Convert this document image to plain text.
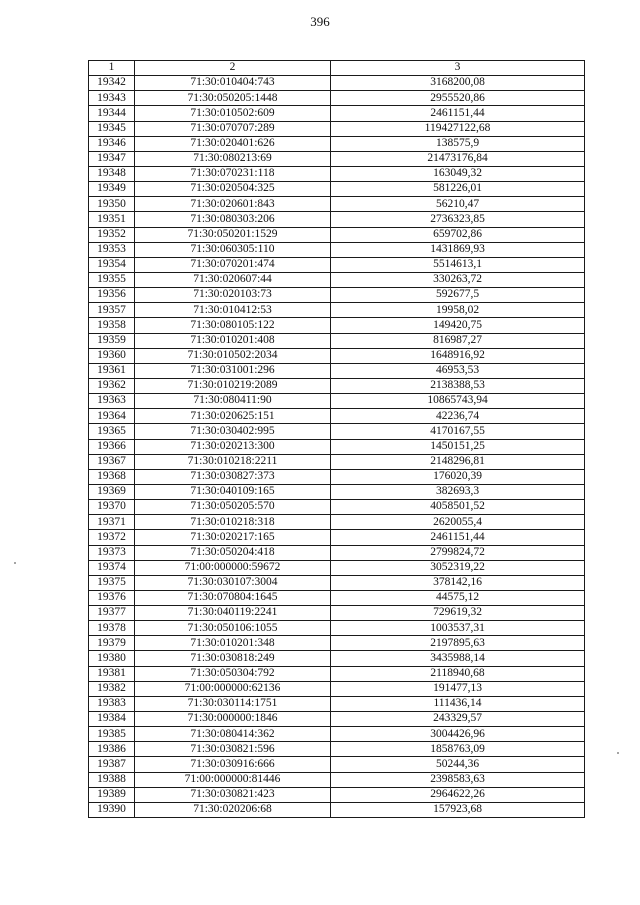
396
1	2	3
19342	71:30:010404:743	3168200,08
19343	71:30:050205:1448	2955520,86
19344	71:30:010502:609	2461151,44
19345	71:30:070707:289	119427122,68
19346	71:30:020401:626	138575,9
19347	71:30:080213:69	21473176,84
19348	71:30:070231:118	163049,32
19349	71:30:020504:325	581226,01
19350	71:30:020601:843	56210,47
19351	71:30:080303:206	2736323,85
19352	71:30:050201:1529	659702,86
19353	71:30:060305:110	1431869,93
19354	71:30:070201:474	5514613,1
19355	71:30:020607:44	330263,72
19356	71:30:020103:73	592677,5
19357	71:30:010412:53	19958,02
19358	71:30:080105:122	149420,75
19359	71:30:010201:408	816987,27
19360	71:30:010502:2034	1648916,92
19361	71:30:031001:296	46953,53
19362	71:30:010219:2089	2138388,53
19363	71:30:080411:90	10865743,94
19364	71:30:020625:151	42236,74
19365	71:30:030402:995	4170167,55
19366	71:30:020213:300	1450151,25
19367	71:30:010218:2211	2148296,81
19368	71:30:030827:373	176020,39
19369	71:30:040109:165	382693,3
19370	71:30:050205:570	4058501,52
19371	71:30:010218:318	2620055,4
19372	71:30:020217:165	2461151,44
19373	71:30:050204:418	2799824,72
19374	71:00:000000:59672	3052319,22
19375	71:30:030107:3004	378142,16
19376	71:30:070804:1645	44575,12
19377	71:30:040119:2241	729619,32
19378	71:30:050106:1055	1003537,31
19379	71:30:010201:348	2197895,63
19380	71:30:030818:249	3435988,14
19381	71:30:050304:792	2118940,68
19382	71:00:000000:62136	191477,13
19383	71:30:030114:1751	111436,14
19384	71:30:000000:1846	243329,57
19385	71:30:080414:362	3004426,96
19386	71:30:030821:596	1858763,09
19387	71:30:030916:666	50244,36
19388	71:00:000000:81446	2398583,63
19389	71:30:030821:423	2964622,26
19390	71:30:020206:68	157923,68
